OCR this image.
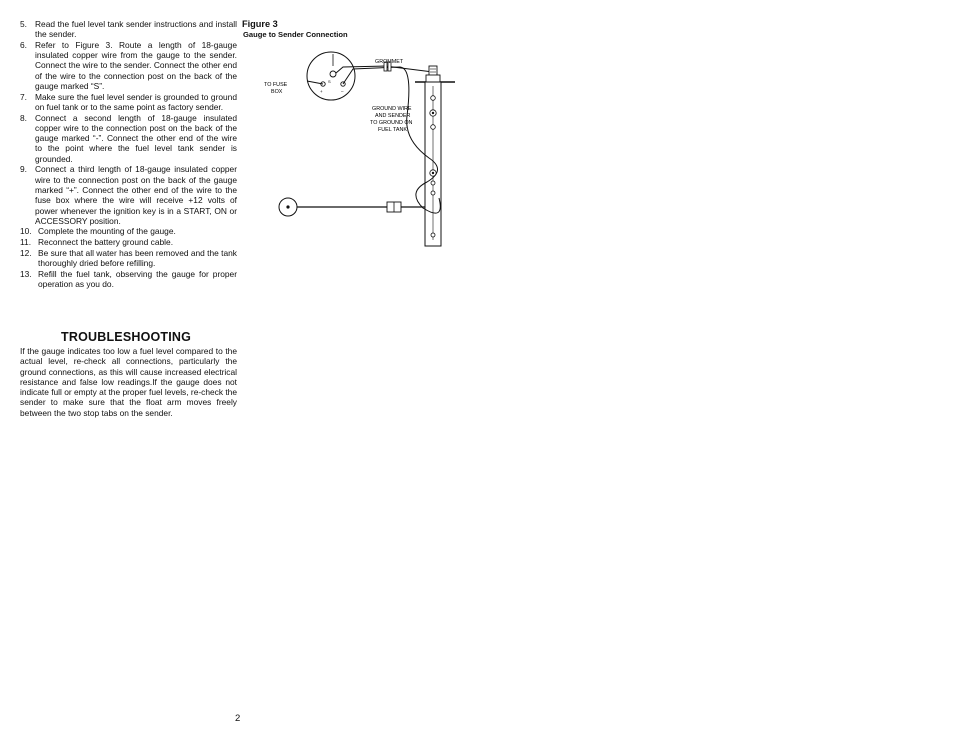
5. Read the fuel level tank sender instructions and install the sender.
6. Refer to Figure 3. Route a length of 18-gauge insulated copper wire from the gauge to the sender. Connect the wire to the sender. Connect the other end of the wire to the connection post on the back of the gauge marked “S”.
7. Make sure the fuel level sender is grounded to ground on fuel tank or to the same point as factory sender.
8. Connect a second length of 18-gauge insulated copper wire to the connection post on the back of the gauge marked “-”. Connect the other end of the wire to the point where the fuel level tank sender is grounded.
9. Connect a third length of 18-gauge insulated copper wire to the connection post on the back of the gauge marked “+”. Connect the other end of the wire to the fuse box where the wire will receive +12 volts of power whenever the ignition key is in a START, ON or ACCESSORY position.
10. Complete the mounting of the gauge.
11. Reconnect the battery ground cable.
12. Be sure that all water has been removed and the tank thoroughly dried before refilling.
13. Refill the fuel tank, observing the gauge for proper operation as you do.
TROUBLESHOOTING
If the gauge indicates too low a fuel level compared to the actual level, re-check all connections, particularly the ground connections, as this will cause increased electrical resistance and false low readings.If the gauge does not indicate full or empty at the proper fuel levels, re-check the sender to make sure that the float arm moves freely between the two stop tabs on the sender.
Figure 3
Gauge to Sender Connection
S
+	–
TO FUSE
BOX
GROMMET
GROUND WIRE
AND SENDER
TO GROUND ON
FUEL TANK
2
